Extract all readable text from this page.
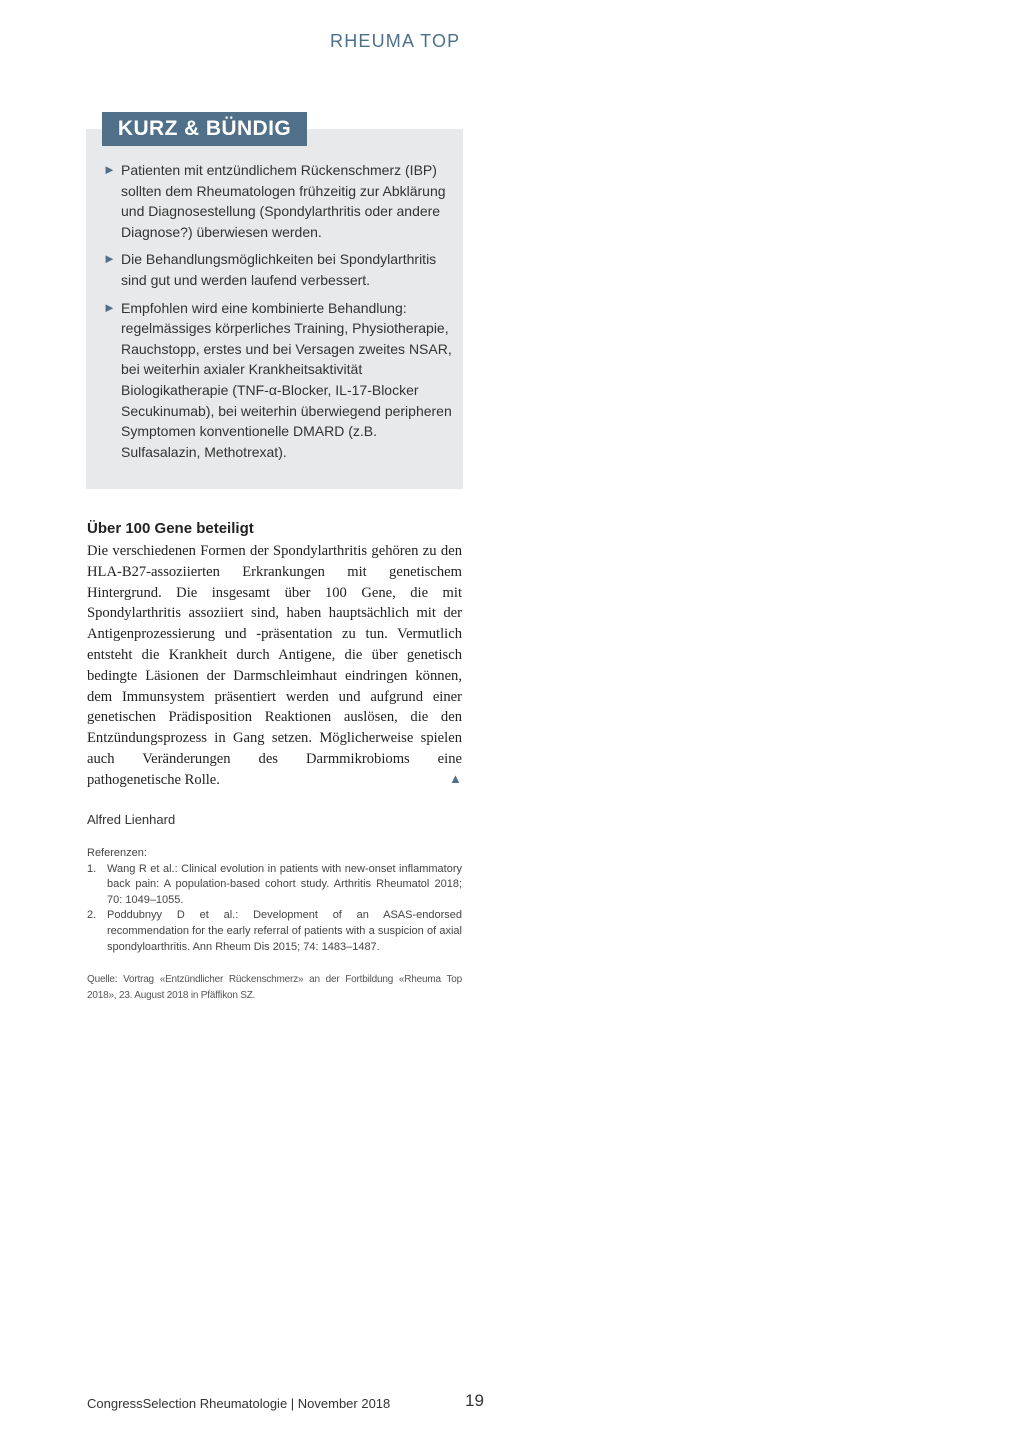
RHEUMA TOP
KURZ & BÜNDIG
► Patienten mit entzündlichem Rückenschmerz (IBP) sollten dem Rheumatologen frühzeitig zur Abklärung und Diagnosestellung (Spondylarthritis oder andere Diagnose?) überwiesen werden.
► Die Behandlungsmöglichkeiten bei Spondylarthritis sind gut und werden laufend verbessert.
► Empfohlen wird eine kombinierte Behandlung: regelmässiges körperliches Training, Physiotherapie, Rauchstopp, erstes und bei Versagen zweites NSAR, bei weiterhin axialer Krankheitsaktivität Biologikatherapie (TNF-α-Blocker, IL-17-Blocker Secukinumab), bei weiterhin überwiegend peripheren Symptomen konventionelle DMARD (z.B. Sulfasalazin, Methotrexat).
Über 100 Gene beteiligt

Die verschiedenen Formen der Spondylarthritis gehören zu den HLA-B27-assoziierten Erkrankungen mit genetischem Hintergrund. Die insgesamt über 100 Gene, die mit Spondylarthritis assoziiert sind, haben hauptsächlich mit der Antigenprozessierung und -präsentation zu tun. Vermutlich entsteht die Krankheit durch Antigene, die über genetisch bedingte Läsionen der Darmschleimhaut eindringen können, dem Immunsystem präsentiert werden und aufgrund einer genetischen Prädisposition Reaktionen auslösen, die den Entzündungsprozess in Gang setzen. Möglicherweise spielen auch Veränderungen des Darmmikrobioms eine pathogenetische Rolle.	▲
Alfred Lienhard

Referenzen:

1. Wang R et al.: Clinical evolution in patients with new-onset inflammatory back pain: A population-based cohort study. Arthritis Rheumatol 2018; 70: 1049–1055.
2. Poddubnyy D et al.: Development of an ASAS-endorsed recommendation for the early referral of patients with a suspicion of axial spondyloarthritis. Ann Rheum Dis 2015; 74: 1483–1487.
Quelle: Vortrag «Entzündlicher Rückenschmerz» an der Fortbildung «Rheuma Top 2018», 23. August 2018 in Pfäffikon SZ.
CongressSelection Rheumatologie | November 2018	19
